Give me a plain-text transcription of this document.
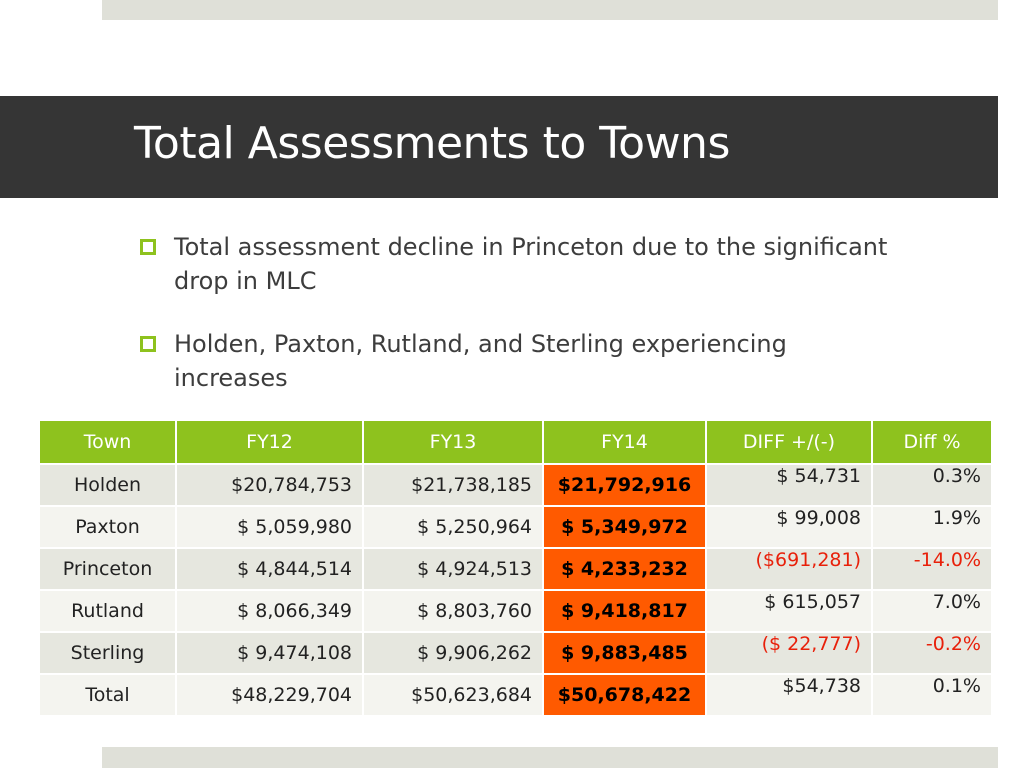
Total Assessments to Towns
Total assessment decline in Princeton due to the significant drop in MLC
Holden, Paxton, Rutland, and Sterling experiencing increases
Town	FY12	FY13	FY14	DIFF +/(-)	Diff %
Holden	$20,784,753	$21,738,185	$21,792,916	$ 54,731	0.3%
Paxton	$ 5,059,980	$ 5,250,964	$ 5,349,972	$ 99,008	1.9%
Princeton	$ 4,844,514	$ 4,924,513	$ 4,233,232	($691,281)	-14.0%
Rutland	$ 8,066,349	$ 8,803,760	$ 9,418,817	$ 615,057	7.0%
Sterling	$ 9,474,108	$ 9,906,262	$ 9,883,485	($ 22,777)	-0.2%
Total	$48,229,704	$50,623,684	$50,678,422	$54,738	0.1%
